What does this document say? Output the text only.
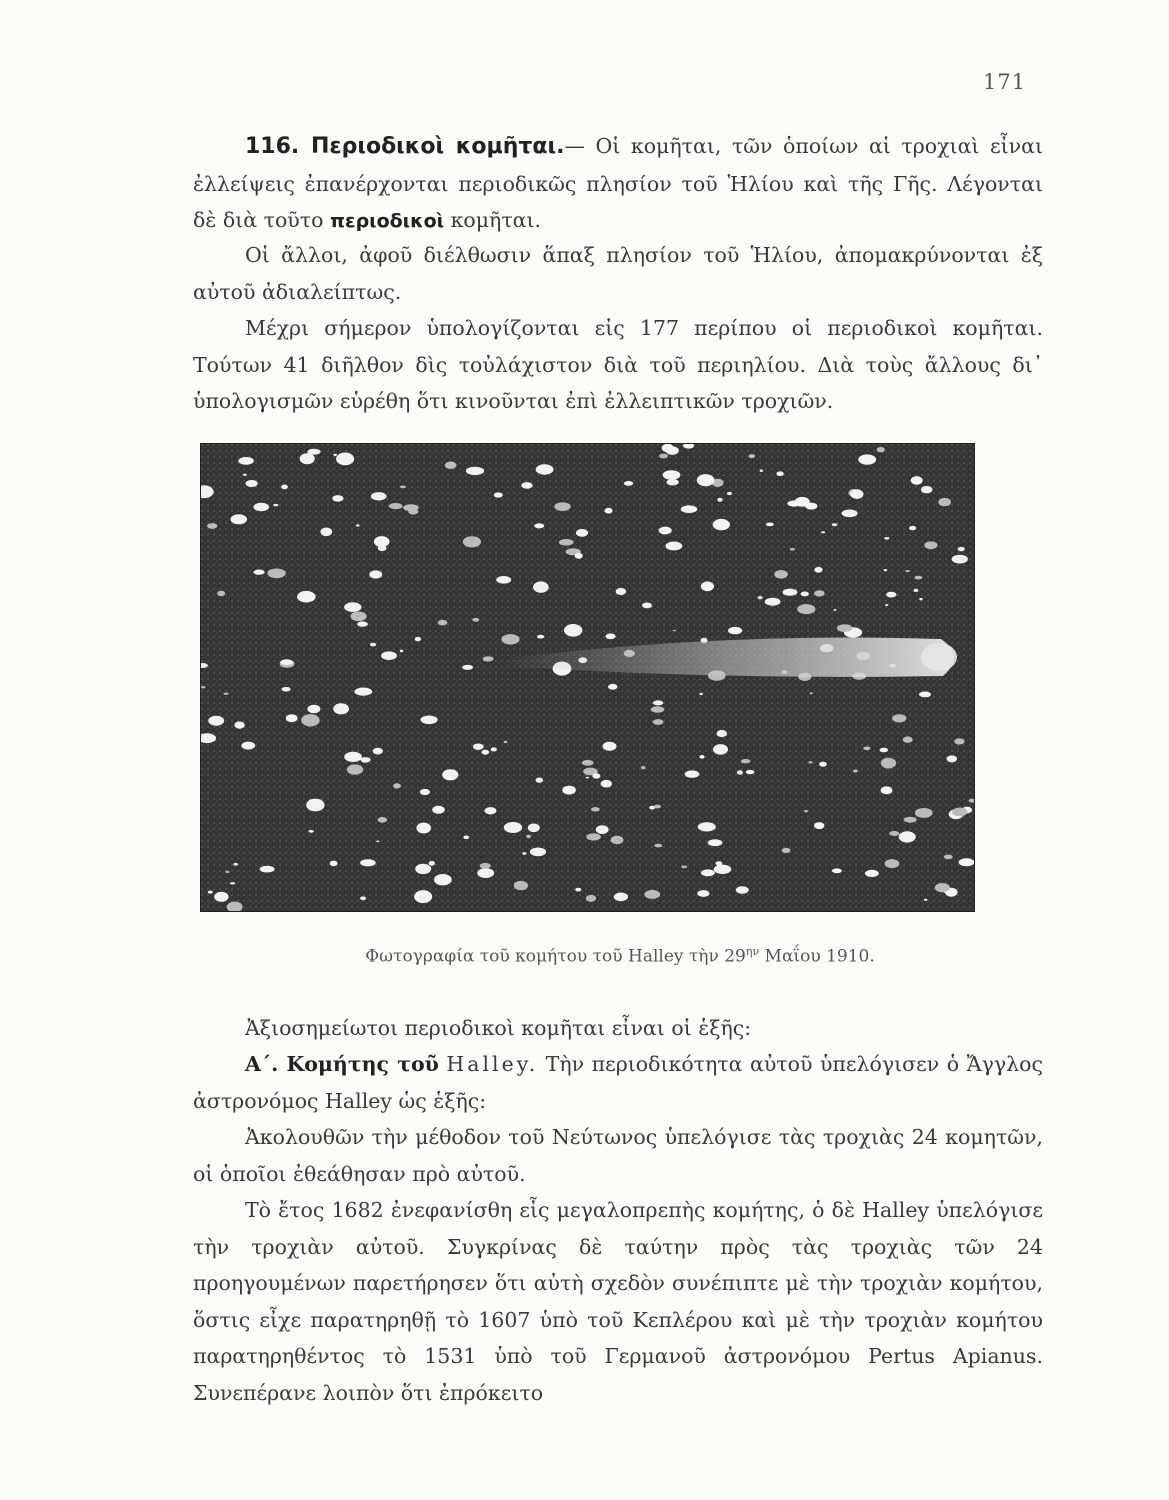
171
116. Περιοδικοὶ κομῆται.— Οἱ κομῆται, τῶν ὁποίων αἱ τροχιαὶ εἶναι ἐλλείψεις ἐπανέρχονται περιοδικῶς πλησίον τοῦ Ἡλίου καὶ τῆς Γῆς. Λέγονται δὲ διὰ τοῦτο περιοδικοὶ κομῆται.
Οἱ ἄλλοι, ἀφοῦ διέλθωσιν ἅπαξ πλησίον τοῦ Ἡλίου, ἀπομακρύνονται ἐξ αὐτοῦ ἀδιαλείπτως.
Μέχρι σήμερον ὑπολογίζονται εἰς 177 περίπου οἱ περιοδικοὶ κομῆται. Τούτων 41 διῆλθον δὶς τοὐλάχιστον διὰ τοῦ περιηλίου. Διὰ τοὺς ἄλλους δι᾽ ὑπολογισμῶν εὑρέθη ὅτι κινοῦνται ἐπὶ ἐλλειπτικῶν τροχιῶν.
Φωτογραφία τοῦ κομήτου τοῦ Halley τὴν $29^{\eta\nu}$ Μαΐου 1910.
Ἀξιοσημείωτοι περιοδικοὶ κομῆται εἶναι οἱ ἑξῆς:
Α΄. Κομήτης τοῦ Halley. Τὴν περιοδικότητα αὐτοῦ ὑπελόγισεν ὁ Ἄγγλος ἀστρονόμος Halley ὡς ἑξῆς:
Ἀκολουθῶν τὴν μέθοδον τοῦ Νεύτωνος ὑπελόγισε τὰς τροχιὰς 24 κομητῶν, οἱ ὁποῖοι ἐθεάθησαν πρὸ αὐτοῦ.
Τὸ ἔτος 1682 ἐνεφανίσθη εἷς μεγαλοπρεπὴς κομήτης, ὁ δὲ Halley ὑπελόγισε τὴν τροχιὰν αὐτοῦ. Συγκρίνας δὲ ταύτην πρὸς τὰς τροχιὰς τῶν 24 προηγουμένων παρετήρησεν ὅτι αὐτὴ σχεδὸν συνέπιπτε μὲ τὴν τροχιὰν κομήτου, ὅστις εἶχε παρατηρηθῇ τὸ 1607 ὑπὸ τοῦ Κεπλέρου καὶ μὲ τὴν τροχιὰν κομήτου παρατηρηθέντος τὸ 1531 ὑπὸ τοῦ Γερμανοῦ ἀστρονόμου Pertus Apianus. Συνεπέρανε λοιπὸν ὅτι ἐπρόκειτο
